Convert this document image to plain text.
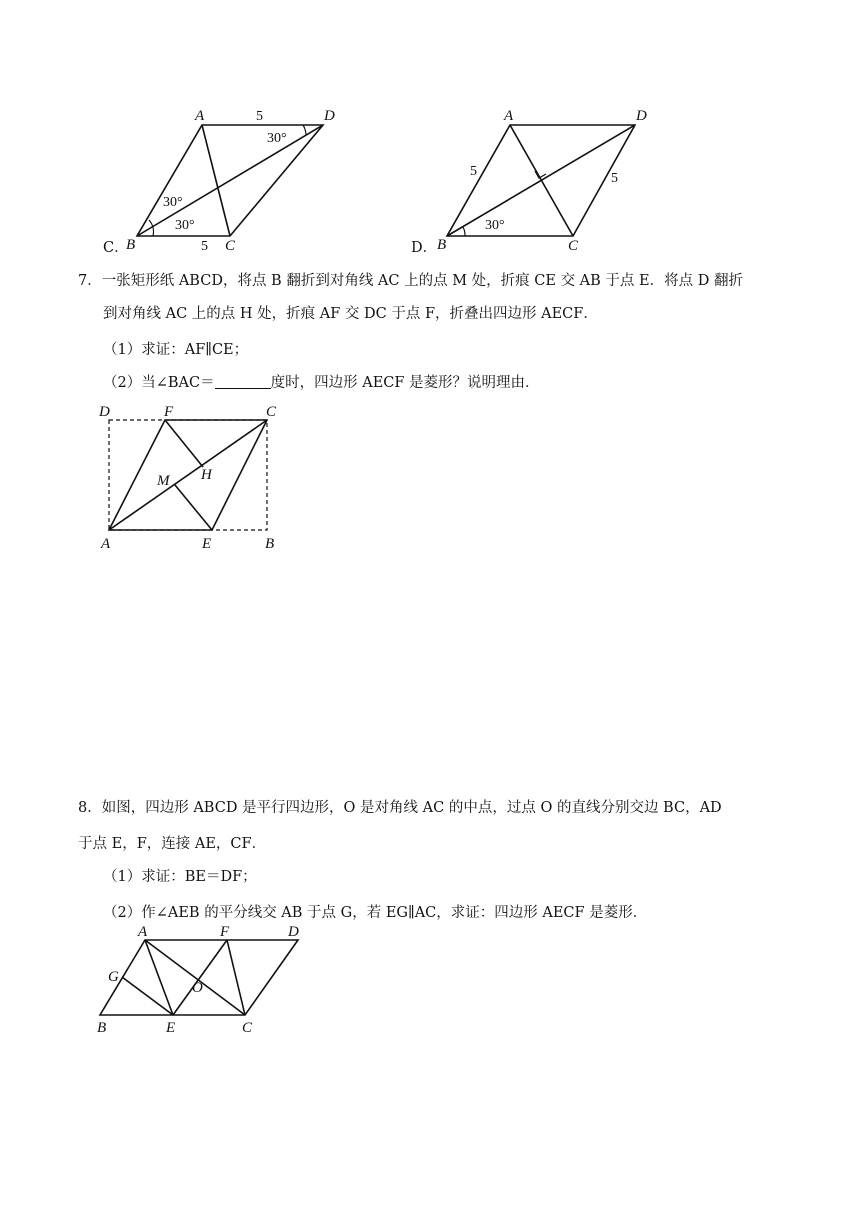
C．
A	D
B	C
5
5
30°
30°
30°
D．
A	D
B	C
5	5
30°
7．一张矩形纸 ABCD，将点 B 翻折到对角线 AC 上的点 M 处，折痕 CE 交 AB 于点 E．将点 D 翻折
到对角线 AC 上的点 H 处，折痕 AF 交 DC 于点 F，折叠出四边形 AECF．
（1）求证：AF∥CE；
（2）当∠BAC＝	度时，四边形 AECF 是菱形？说明理由．
D	F	C
M H
A	E	B
8．如图，四边形 ABCD 是平行四边形，O 是对角线 AC 的中点，过点 O 的直线分别交边 BC，AD
于点 E，F，连接 AE，CF．
（1）求证：BE＝DF；
（2）作∠AEB 的平分线交 AB 于点 G，若 EG∥AC，求证：四边形 AECF 是菱形．
A	F	D
G
O
B	E	C
